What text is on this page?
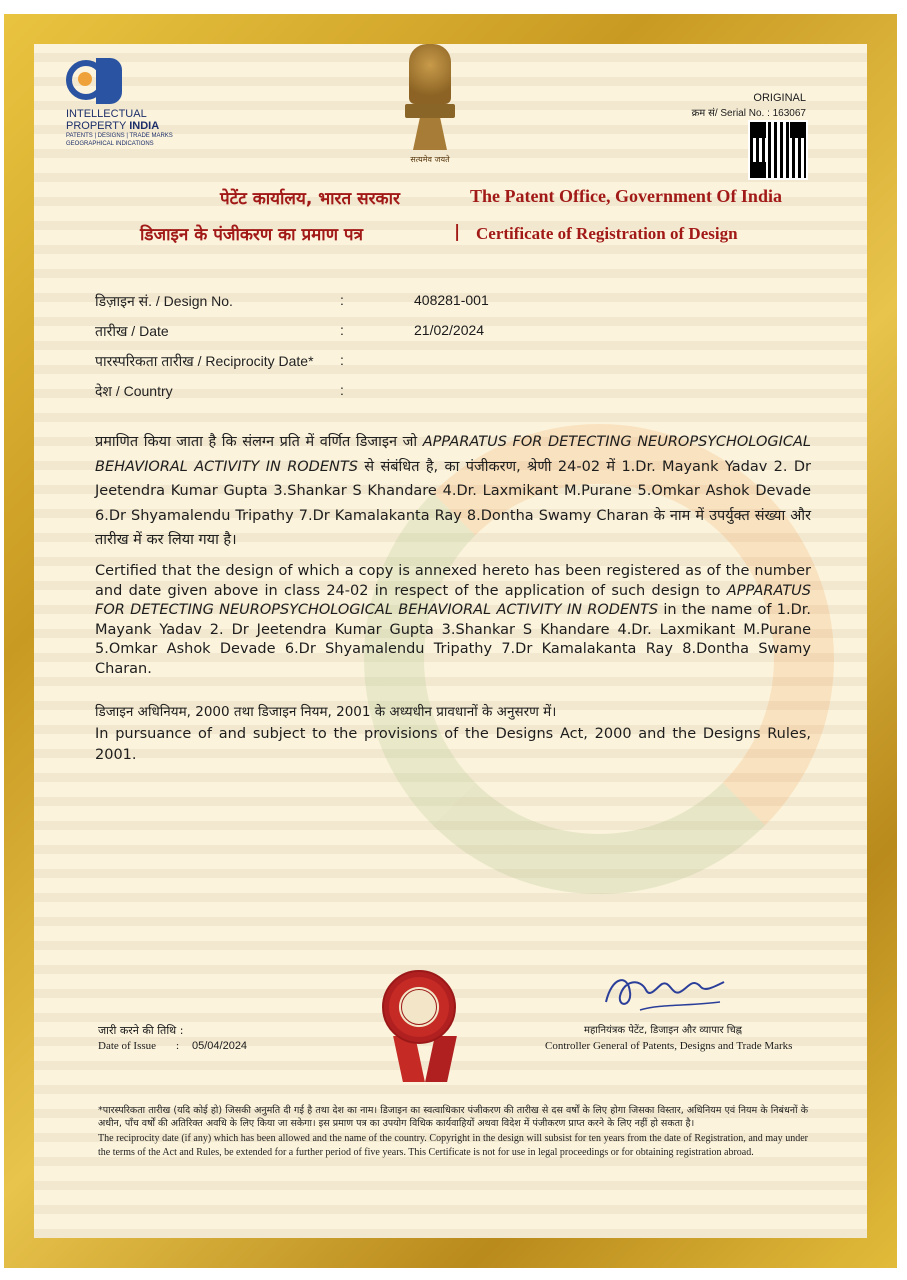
INTELLECTUAL
PROPERTY INDIA
PATENTS | DESIGNS | TRADE MARKS
GEOGRAPHICAL INDICATIONS
सत्यमेव जयते
ORIGINAL
क्रम सं/ Serial No. : 163067
पेटेंट कार्यालय, भारत सरकार	The Patent Office, Government Of India
डिजाइन के पंजीकरण का प्रमाण पत्र	| Certificate of Registration of Design
डिज़ाइन सं. / Design No.	:	408281-001
तारीख / Date	:	21/02/2024
पारस्परिकता तारीख / Reciprocity Date* :
देश / Country	:
प्रमाणित किया जाता है कि संलग्न प्रति में वर्णित डिजाइन जो APPARATUS FOR DETECTING NEUROPSYCHOLOGICAL BEHAVIORAL ACTIVITY IN RODENTS से संबंधित है, का पंजीकरण, श्रेणी 24-02 में 1.Dr. Mayank Yadav 2. Dr Jeetendra Kumar Gupta 3.Shankar S Khandare 4.Dr. Laxmikant M.Purane 5.Omkar Ashok Devade 6.Dr Shyamalendu Tripathy 7.Dr Kamalakanta Ray 8.Dontha Swamy Charan के नाम में उपर्युक्त संख्या और तारीख में कर लिया गया है।
Certified that the design of which a copy is annexed hereto has been registered as of the number and date given above in class 24-02 in respect of the application of such design to APPARATUS FOR DETECTING NEUROPSYCHOLOGICAL BEHAVIORAL ACTIVITY IN RODENTS in the name of 1.Dr. Mayank Yadav 2. Dr Jeetendra Kumar Gupta 3.Shankar S Khandare 4.Dr. Laxmikant M.Purane 5.Omkar Ashok Devade 6.Dr Shyamalendu Tripathy 7.Dr Kamalakanta Ray 8.Dontha Swamy Charan.
डिजाइन अधिनियम, 2000 तथा डिजाइन नियम, 2001 के अध्यधीन प्रावधानों के अनुसरण में।
In pursuance of and subject to the provisions of the Designs Act, 2000 and the Designs Rules, 2001.
जारी करने की तिथि :
Date of Issue : 05/04/2024
महानियंत्रक पेटेंट, डिजाइन और व्यापार चिह्न
Controller General of Patents, Designs and Trade Marks
*पारस्परिकता तारीख (यदि कोई हो) जिसकी अनुमति दी गई है तथा देश का नाम। डिजाइन का स्वत्वाधिकार पंजीकरण की तारीख से दस वर्षों के लिए होगा जिसका विस्तार, अधिनियम एवं नियम के निबंधनों के अधीन, पाँच वर्षों की अतिरिक्त अवधि के लिए किया जा सकेगा। इस प्रमाण पत्र का उपयोग विधिक कार्यवाहियों अथवा विदेश में पंजीकरण प्राप्त करने के लिए नहीं हो सकता है।
The reciprocity date (if any) which has been allowed and the name of the country. Copyright in the design will subsist for ten years from the date of Registration, and may under the terms of the Act and Rules, be extended for a further period of five years. This Certificate is not for use in legal proceedings or for obtaining registration abroad.
